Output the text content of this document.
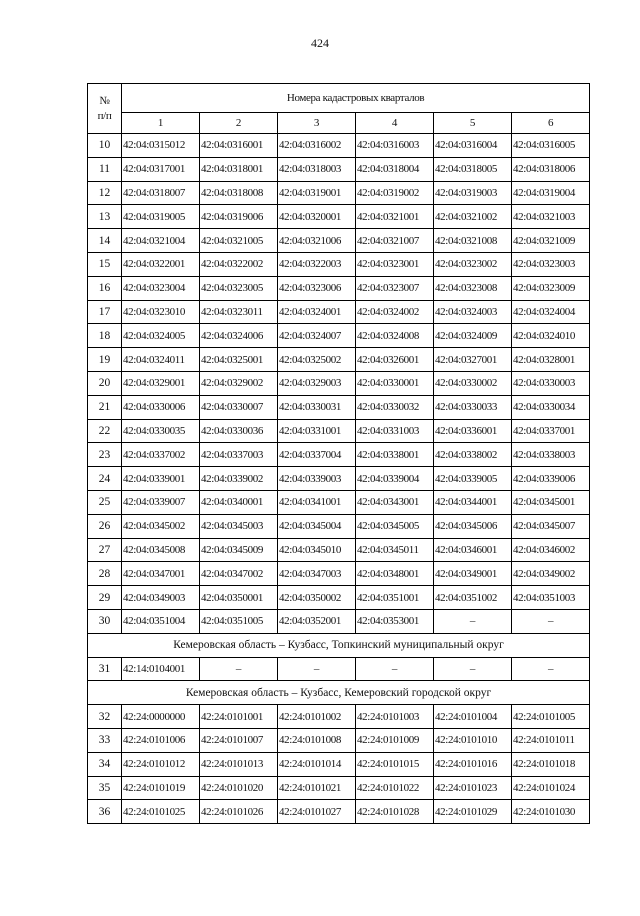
424
№
п/п	Номера кадастровых кварталов					
	1	2	3	4	5	6
10	42:04:0315012	42:04:0316001	42:04:0316002	42:04:0316003	42:04:0316004	42:04:0316005
11	42:04:0317001	42:04:0318001	42:04:0318003	42:04:0318004	42:04:0318005	42:04:0318006
12	42:04:0318007	42:04:0318008	42:04:0319001	42:04:0319002	42:04:0319003	42:04:0319004
13	42:04:0319005	42:04:0319006	42:04:0320001	42:04:0321001	42:04:0321002	42:04:0321003
14	42:04:0321004	42:04:0321005	42:04:0321006	42:04:0321007	42:04:0321008	42:04:0321009
15	42:04:0322001	42:04:0322002	42:04:0322003	42:04:0323001	42:04:0323002	42:04:0323003
16	42:04:0323004	42:04:0323005	42:04:0323006	42:04:0323007	42:04:0323008	42:04:0323009
17	42:04:0323010	42:04:0323011	42:04:0324001	42:04:0324002	42:04:0324003	42:04:0324004
18	42:04:0324005	42:04:0324006	42:04:0324007	42:04:0324008	42:04:0324009	42:04:0324010
19	42:04:0324011	42:04:0325001	42:04:0325002	42:04:0326001	42:04:0327001	42:04:0328001
20	42:04:0329001	42:04:0329002	42:04:0329003	42:04:0330001	42:04:0330002	42:04:0330003
21	42:04:0330006	42:04:0330007	42:04:0330031	42:04:0330032	42:04:0330033	42:04:0330034
22	42:04:0330035	42:04:0330036	42:04:0331001	42:04:0331003	42:04:0336001	42:04:0337001
23	42:04:0337002	42:04:0337003	42:04:0337004	42:04:0338001	42:04:0338002	42:04:0338003
24	42:04:0339001	42:04:0339002	42:04:0339003	42:04:0339004	42:04:0339005	42:04:0339006
25	42:04:0339007	42:04:0340001	42:04:0341001	42:04:0343001	42:04:0344001	42:04:0345001
26	42:04:0345002	42:04:0345003	42:04:0345004	42:04:0345005	42:04:0345006	42:04:0345007
27	42:04:0345008	42:04:0345009	42:04:0345010	42:04:0345011	42:04:0346001	42:04:0346002
28	42:04:0347001	42:04:0347002	42:04:0347003	42:04:0348001	42:04:0349001	42:04:0349002
29	42:04:0349003	42:04:0350001	42:04:0350002	42:04:0351001	42:04:0351002	42:04:0351003
30	42:04:0351004	42:04:0351005	42:04:0352001	42:04:0353001	–	–
Кемеровская область – Кузбасс, Топкинский муниципальный округ						
31	42:14:0104001	–	–	–	–	–
Кемеровская область – Кузбасс, Кемеровский городской округ						
32	42:24:0000000	42:24:0101001	42:24:0101002	42:24:0101003	42:24:0101004	42:24:0101005
33	42:24:0101006	42:24:0101007	42:24:0101008	42:24:0101009	42:24:0101010	42:24:0101011
34	42:24:0101012	42:24:0101013	42:24:0101014	42:24:0101015	42:24:0101016	42:24:0101018
35	42:24:0101019	42:24:0101020	42:24:0101021	42:24:0101022	42:24:0101023	42:24:0101024
36	42:24:0101025	42:24:0101026	42:24:0101027	42:24:0101028	42:24:0101029	42:24:0101030
